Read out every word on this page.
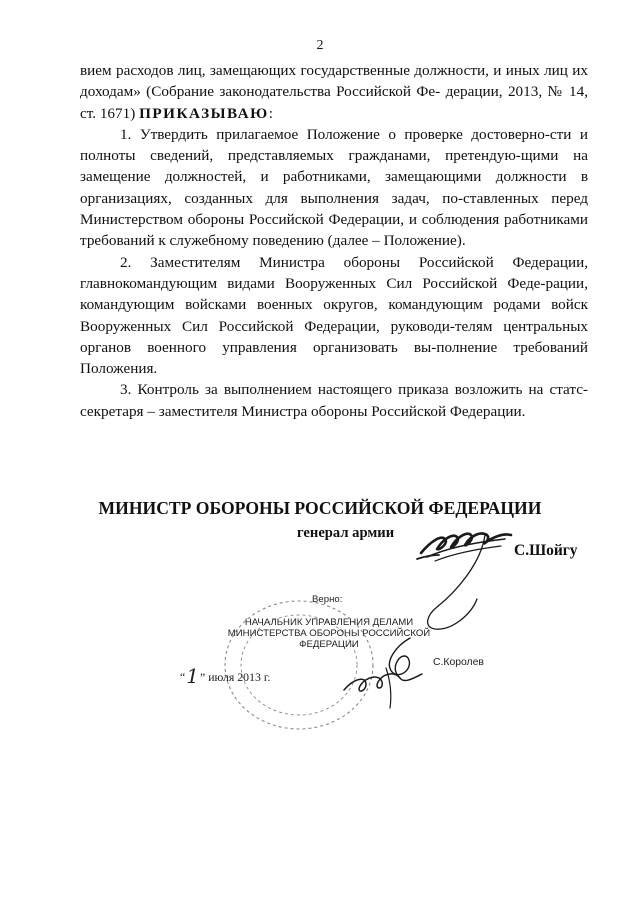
2

вием расходов лиц, замещающих государственные должности, и иных лиц их доходам» (Собрание законодательства Российской Фе- дерации, 2013, № 14, ст. 1671) ПРИКАЗЫВАЮ:

1. Утвердить прилагаемое Положение о проверке достоверно-сти и полноты сведений, представляемых гражданами, претендую-щими на замещение должностей, и работниками, замещающими должности в организациях, созданных для выполнения задач, по-ставленных перед Министерством обороны Российской Федерации, и соблюдения работниками требований к служебному поведению (далее – Положение).

2. Заместителям Министра обороны Российской Федерации, главнокомандующим видами Вооруженных Сил Российской Феде-рации, командующим войсками военных округов, командующим родами войск Вооруженных Сил Российской Федерации, руководи-телям центральных органов военного управления организовать вы-полнение требований Положения.

3. Контроль за выполнением настоящего приказа возложить на статс-секретаря – заместителя Министра обороны Российской Федерации.

МИНИСТР ОБОРОНЫ РОССИЙСКОЙ ФЕДЕРАЦИИ
генерал армии
С.Шойгу
Верно:
НАЧАЛЬНИК УПРАВЛЕНИЯ ДЕЛАМИ
МИНИСТЕРСТВА ОБОРОНЫ РОССИЙСКОЙ ФЕДЕРАЦИИ
“1” июля 2013 г.
С.Королев
